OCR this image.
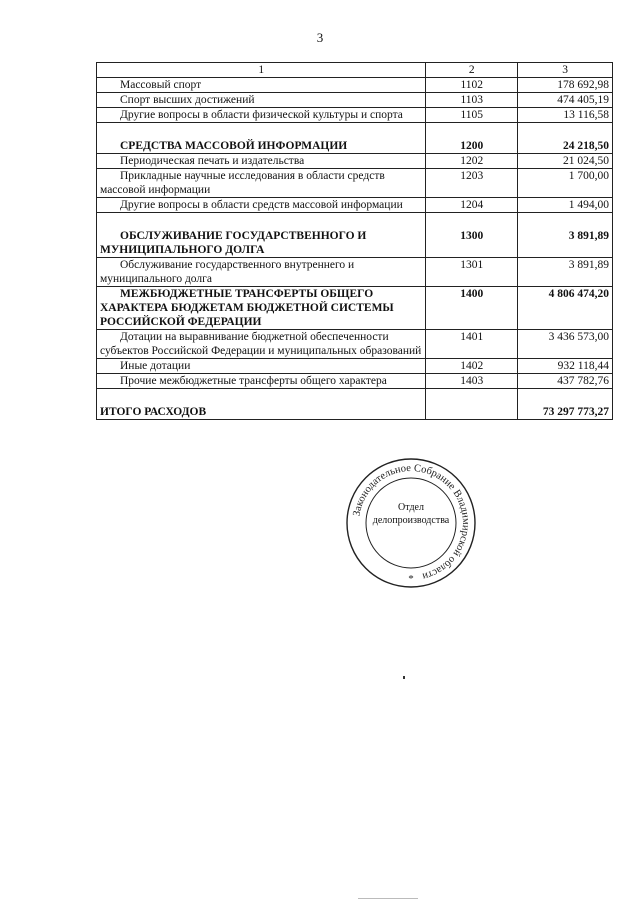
3
1	2	3
Массовый спорт	1102	178 692,98
Спорт высших достижений	1103	474 405,19
Другие вопросы в области физической культуры и спорта	1105	13 116,58
СРЕДСТВА МАССОВОЙ ИНФОРМАЦИИ	1200	24 218,50
Периодическая печать и издательства	1202	21 024,50
Прикладные научные исследования в области средств массовой информации	1203	1 700,00
Другие вопросы в области средств массовой информации	1204	1 494,00
ОБСЛУЖИВАНИЕ ГОСУДАРСТВЕННОГО И МУНИЦИПАЛЬНОГО ДОЛГА	1300	3 891,89
Обслуживание государственного внутреннего и муниципального долга	1301	3 891,89
МЕЖБЮДЖЕТНЫЕ ТРАНСФЕРТЫ ОБЩЕГО ХАРАКТЕРА БЮДЖЕТАМ БЮДЖЕТНОЙ СИСТЕМЫ РОССИЙСКОЙ ФЕДЕРАЦИИ	1400	4 806 474,20
Дотации на выравнивание бюджетной обеспеченности субъектов Российской Федерации и муниципальных образований	1401	3 436 573,00
Иные дотации	1402	932 118,44
Прочие межбюджетные трансферты общего характера	1403	437 782,76
ИТОГО РАСХОДОВ		73 297 773,27
Законодательное Собрание Владимирской области
*
Отдел
делопроизводства
